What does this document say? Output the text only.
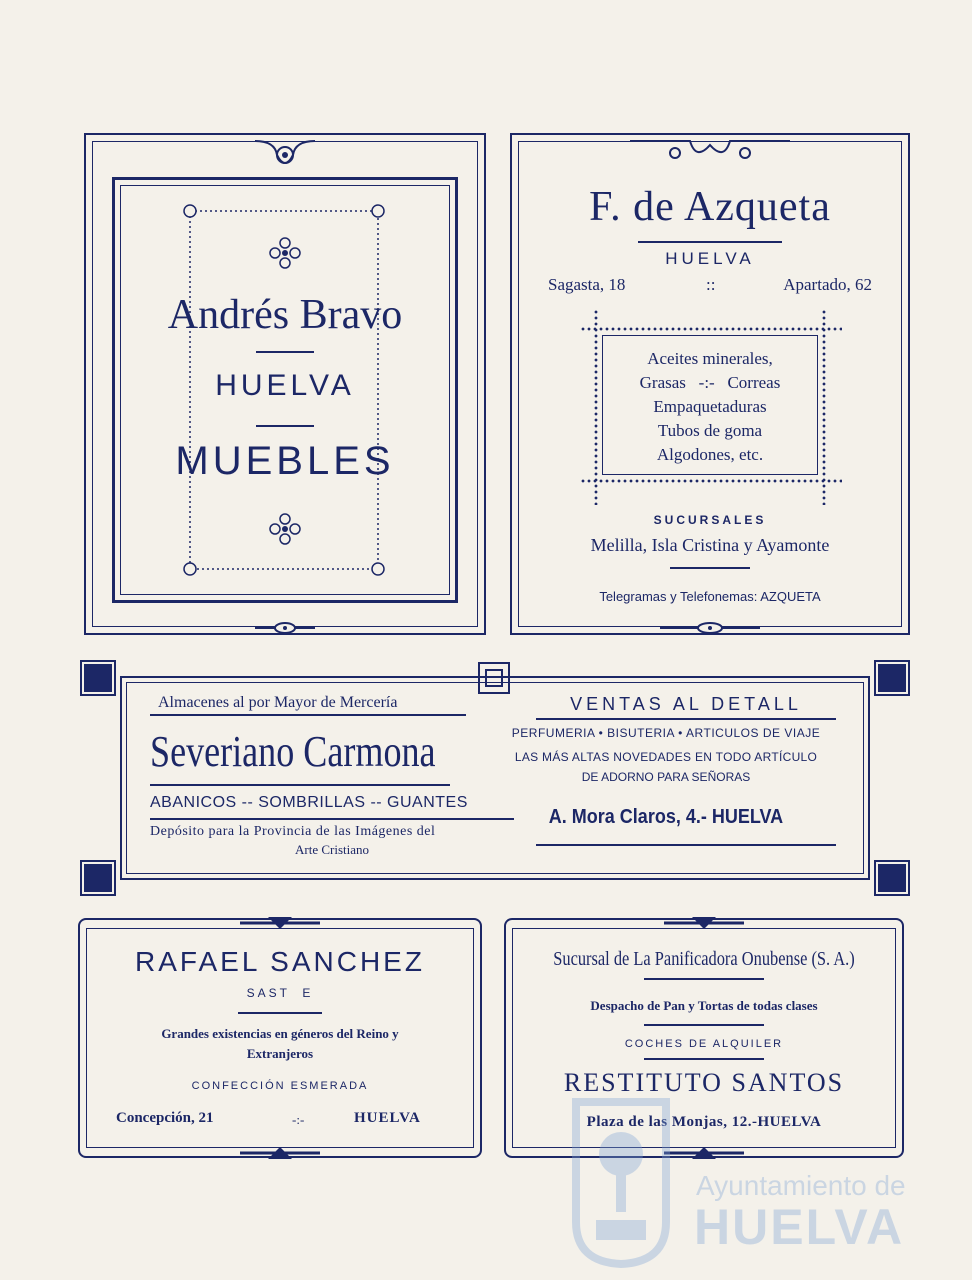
Andrés Bravo
HUELVA
MUEBLES
F. de Azqueta
HUELVA
Sagasta, 18	::	Apartado, 62
Aceites minerales,
Grasas   -:-   Correas
Empaquetaduras
Tubos de goma
Algodones, etc.
SUCURSALES
Melilla, Isla Cristina y Ayamonte
Telegramas y Telefonemas: AZQUETA
Almacenes al por Mayor de Mercería
Severiano Carmona
ABANICOS -- SOMBRILLAS -- GUANTES
Depósito para la Provincia de las Imágenes del
Arte Cristiano
VENTAS AL DETALL
PERFUMERIA • BISUTERIA • ARTICULOS DE VIAJE
LAS MÁS ALTAS NOVEDADES EN TODO ARTÍCULO
DE ADORNO PARA SEÑORAS
A. Mora Claros, 4.- HUELVA
RAFAEL SANCHEZ
SAST  E
Grandes existencias en géneros del Reino y
Extranjeros
CONFECCIÓN ESMERADA
Concepción, 21	-:-	HUELVA
Sucursal de La Panificadora Onubense (S. A.)
Despacho de Pan y Tortas de todas clases
COCHES DE ALQUILER
RESTITUTO SANTOS
Plaza de las Monjas, 12.-HUELVA
Ayuntamiento de
HUELVA
